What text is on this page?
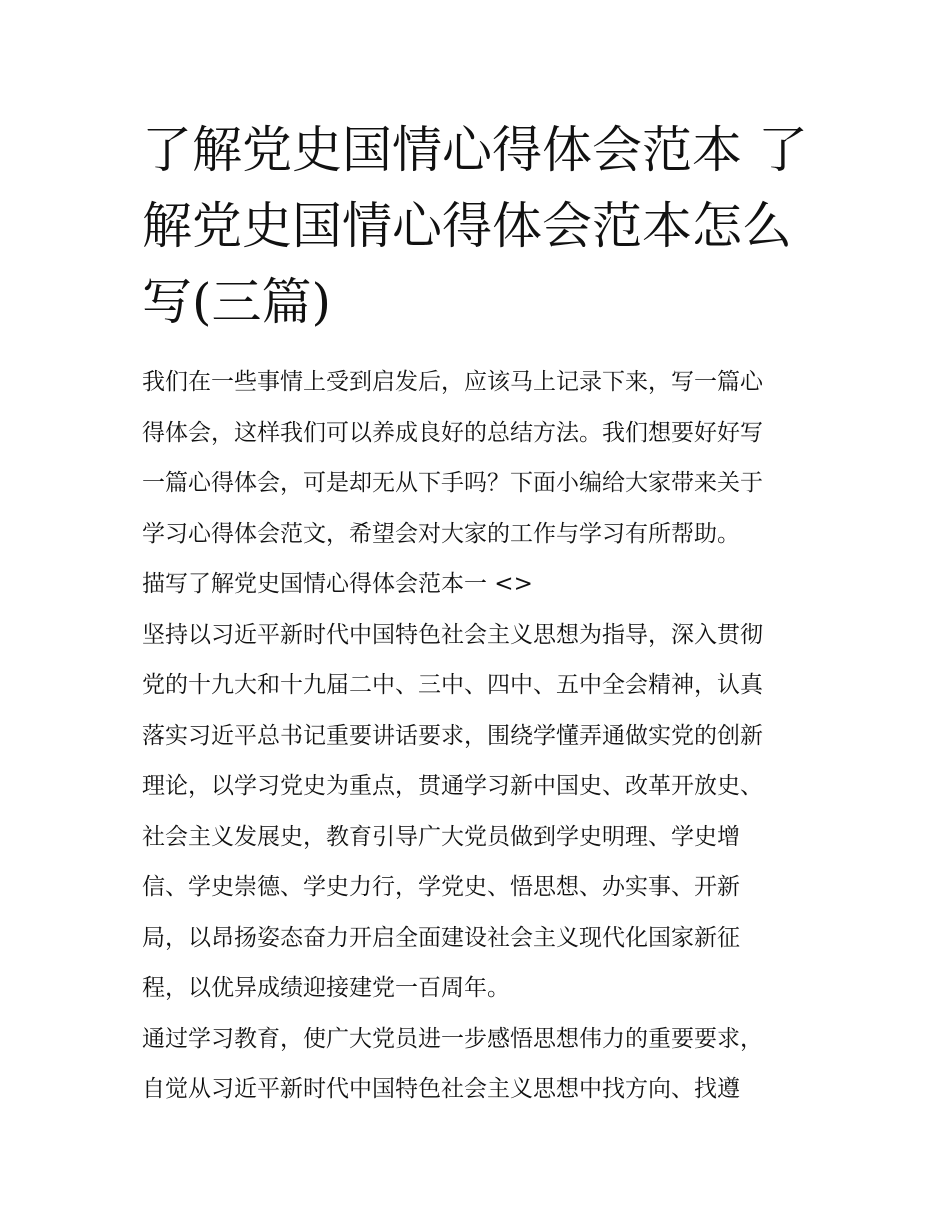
了解党史国情心得体会范本 了
解党史国情心得体会范本怎么
写(三篇)

我们在一些事情上受到启发后，应该马上记录下来，写一篇心
得体会，这样我们可以养成良好的总结方法。我们想要好好写
一篇心得体会，可是却无从下手吗？下面小编给大家带来关于
学习心得体会范文，希望会对大家的工作与学习有所帮助。

描写了解党史国情心得体会范本一 <>

坚持以习近平新时代中国特色社会主义思想为指导，深入贯彻
党的十九大和十九届二中、三中、四中、五中全会精神，认真
落实习近平总书记重要讲话要求，围绕学懂弄通做实党的创新
理论，以学习党史为重点，贯通学习新中国史、改革开放史、
社会主义发展史，教育引导广大党员做到学史明理、学史增
信、学史崇德、学史力行，学党史、悟思想、办实事、开新
局，以昂扬姿态奋力开启全面建设社会主义现代化国家新征
程，以优异成绩迎接建党一百周年。

通过学习教育，使广大党员进一步感悟思想伟力的重要要求，
自觉从习近平新时代中国特色社会主义思想中找方向、找遵
